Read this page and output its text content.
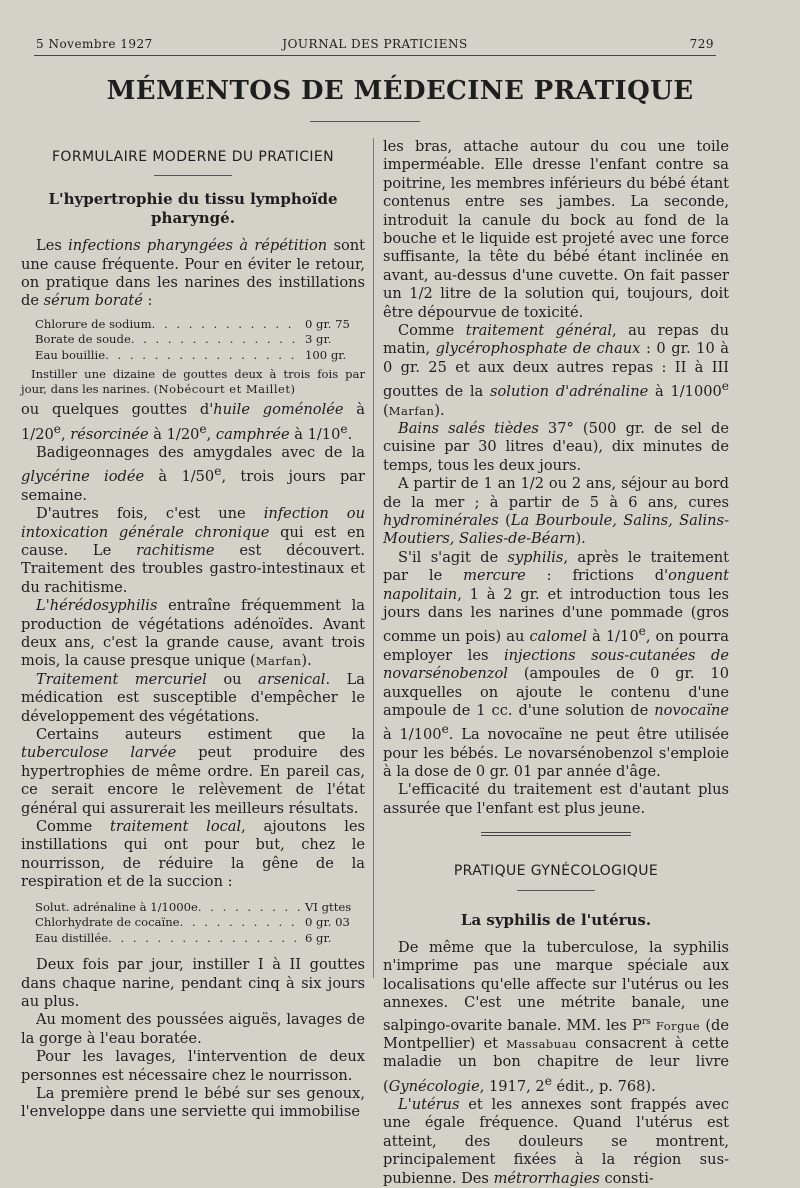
5 Novembre 1927	JOURNAL DES PRATICIENS	729
MÉMENTOS DE MÉDECINE PRATIQUE
FORMULAIRE MODERNE DU PRATICIEN
L'hypertrophie du tissu lymphoïde pharyngé.

Les infections pharyngées à répétition sont une cause fréquente. Pour en éviter le retour, on pratique dans les narines des instillations de sérum boraté :

Chlorure de sodium . . .	0 gr. 75
Borate de soude . . .	3 gr.
Eau bouillie . . .	100 gr.
Instiller une dizaine de gouttes deux à trois fois par jour, dans les narines. (Nobécourt et Maillet)

ou quelques gouttes d'huile goménolée à 1/20e, résorcinée à 1/20e, camphrée à 1/10e.

Badigeonnages des amygdales avec de la glycérine iodée à 1/50e, trois jours par semaine.

D'autres fois, c'est une infection ou intoxication générale chronique qui est en cause. Le rachitisme est découvert. Traitement des troubles gastro-intestinaux et du rachitisme.

L'hérédosyphilis entraîne fréquemment la production de végétations adénoïdes. Avant deux ans, c'est la grande cause, avant trois mois, la cause presque unique (Marfan).

Traitement mercuriel ou arsenical. La médication est susceptible d'empêcher le développement des végétations.

Certains auteurs estiment que la tuberculose larvée peut produire des hypertrophies de même ordre. En pareil cas, ce serait encore le relèvement de l'état général qui assurerait les meilleurs résultats.

Comme traitement local, ajoutons les instillations qui ont pour but, chez le nourrisson, de réduire la gêne de la respiration et de la succion :

Solut. adrénaline à 1/1000e . . .	VI gttes
Chlorhydrate de cocaïne . . .	0 gr. 03
Eau distillée . . .	6 gr.

Deux fois par jour, instiller I à II gouttes dans chaque narine, pendant cinq à six jours au plus.

Au moment des poussées aiguës, lavages de la gorge à l'eau boratée.

Pour les lavages, l'intervention de deux personnes est nécessaire chez le nourrisson.

La première prend le bébé sur ses genoux, l'enveloppe dans une serviette qui immobilise

les bras, attache autour du cou une toile imperméable. Elle dresse l'enfant contre sa poitrine, les membres inférieurs du bébé étant contenus entre ses jambes. La seconde, introduit la canule du bock au fond de la bouche et le liquide est projeté avec une force suffisante, la tête du bébé étant inclinée en avant, au-dessus d'une cuvette. On fait passer un 1/2 litre de la solution qui, toujours, doit être dépourvue de toxicité.

Comme traitement général, au repas du matin, glycérophosphate de chaux : 0 gr. 10 à 0 gr. 25 et aux deux autres repas : II à III gouttes de la solution d'adrénaline à 1/1000e (Marfan).

Bains salés tièdes 37° (500 gr. de sel de cuisine par 30 litres d'eau), dix minutes de temps, tous les deux jours.

A partir de 1 an 1/2 ou 2 ans, séjour au bord de la mer ; à partir de 5 à 6 ans, cures hydrominérales (La Bourboule, Salins, Salins-Moutiers, Salies-de-Béarn).

S'il s'agit de syphilis, après le traitement par le mercure : frictions d'onguent napolitain, 1 à 2 gr. et introduction tous les jours dans les narines d'une pommade (gros comme un pois) au calomel à 1/10e, on pourra employer les injections sous-cutanées de novarsénobenzol (ampoules de 0 gr. 10 auxquelles on ajoute le contenu d'une ampoule de 1 cc. d'une solution de novocaïne à 1/100e. La novocaïne ne peut être utilisée pour les bébés. Le novarsénobenzol s'emploie à la dose de 0 gr. 01 par année d'âge.

L'efficacité du traitement est d'autant plus assurée que l'enfant est plus jeune.

PRATIQUE GYNÉCOLOGIQUE
La syphilis de l'utérus.

De même que la tuberculose, la syphilis n'imprime pas une marque spéciale aux localisations qu'elle affecte sur l'utérus ou les annexes. C'est une métrite banale, une salpingo-ovarite banale. MM. les $P^{rs}$ Forgue (de Montpellier) et Massabuau consacrent à cette maladie un bon chapitre de leur livre (Gynécologie, 1917, 2e édit., p. 768).

L'utérus et les annexes sont frappés avec une égale fréquence. Quand l'utérus est atteint, des douleurs se montrent, principalement fixées à la région sus-pubienne. Des métrorrhagies consti-
